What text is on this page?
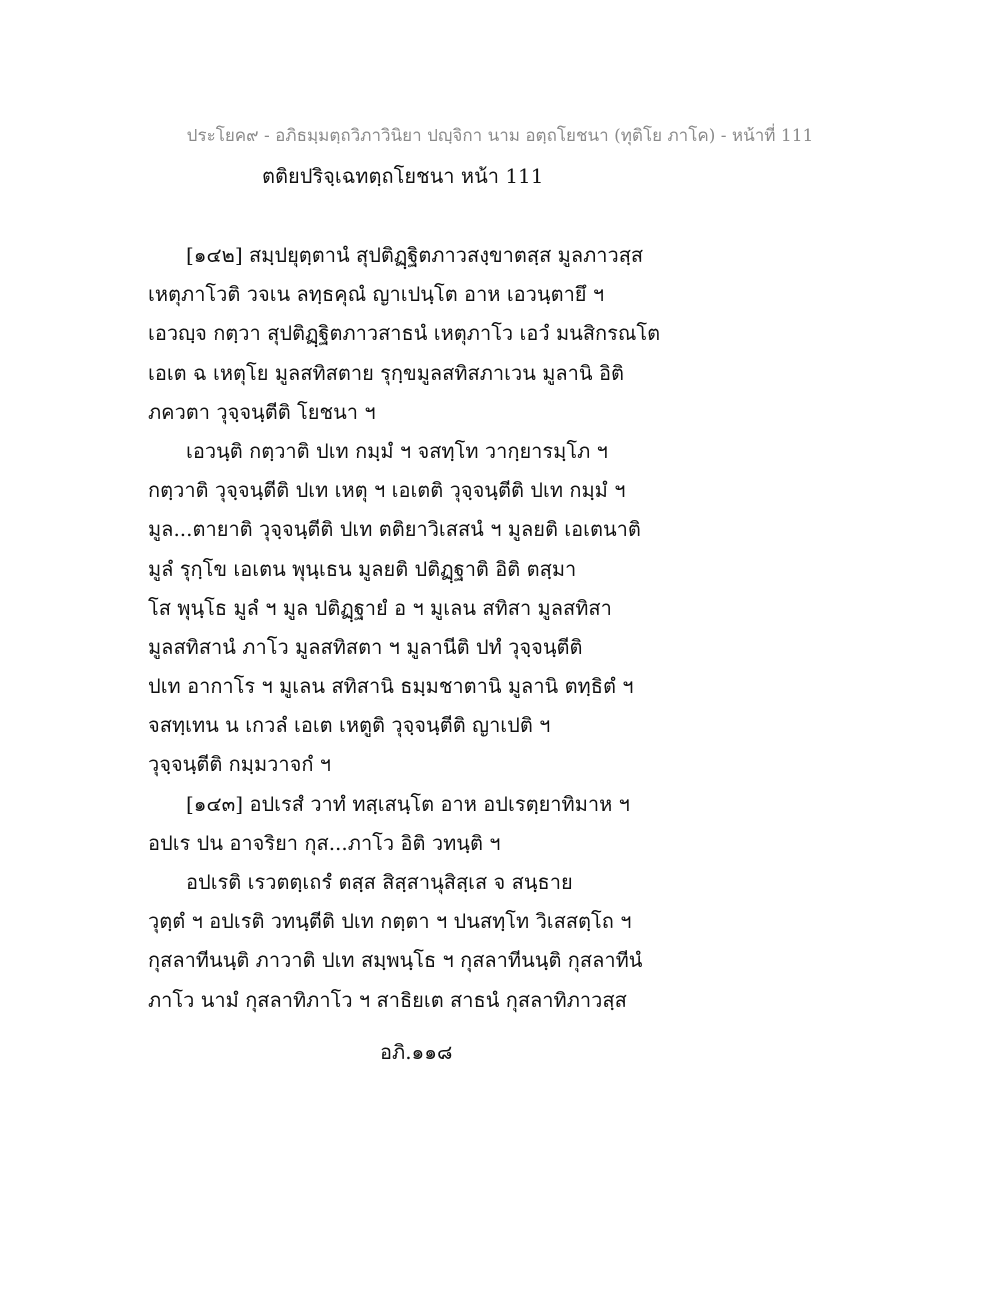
ประโยค๙ - อภิธมฺมตฺถวิภาวินิยา ปญฺจิกา นาม อตฺถโยชนา (ทุติโย ภาโค) - หน้าที่ 111
ตติยปริจฺเฉทตฺถโยชนา หน้า 111
[๑๔๒] สมฺปยุตฺตานํ สุปติฏฺฐิตภาวสงฺขาตสฺส มูลภาวสฺส
เหตุภาโวติ วจเน ลทฺธคุณํ ญาเปนฺโต อาห เอวนฺตายึ ฯ
เอวญฺจ กตฺวา สุปติฏฺฐิตภาวสาธนํ เหตุภาโว เอวํ มนสิกรณโต
เอเต ฉ เหตุโย มูลสทิสตาย รุกฺขมูลสทิสภาเวน มูลานิ อิติ
ภควตา วุจฺจนฺตีติ โยชนา ฯ
เอวนฺติ กตฺวาติ ปเท กมฺมํ ฯ จสทฺโท วากฺยารมฺโภ ฯ
กตฺวาติ วุจฺจนฺตีติ ปเท เหตุ ฯ เอเตติ วุจฺจนฺตีติ ปเท กมฺมํ ฯ
มูล...ตายาติ วุจฺจนฺตีติ ปเท ตติยาวิเสสนํ ฯ มูลยติ เอเตนาติ
มูลํ รุกฺโข เอเตน พุนฺเธน มูลยติ ปติฏฺฐาติ อิติ ตสฺมา
โส พุนฺโธ มูลํ ฯ มูล ปติฏฺฐายํ อ ฯ มูเลน สทิสา มูลสทิสา
มูลสทิสานํ ภาโว มูลสทิสตา ฯ มูลานีติ ปทํ วุจฺจนฺตีติ
ปเท อากาโร ฯ มูเลน สทิสานิ ธมฺมชาตานิ มูลานิ ตทฺธิตํ ฯ
จสทฺเทน น เกวลํ เอเต เหตูติ วุจฺจนฺตีติ ญาเปติ ฯ
วุจฺจนฺตีติ กมฺมวาจกํ ฯ
[๑๔๓] อปเรสํ วาทํ ทสฺเสนฺโต อาห อปเรตฺยาทิมาห ฯ
อปเร ปน อาจริยา กุส...ภาโว อิติ วทนฺติ ฯ
อปเรติ เรวตตฺเถรํ ตสฺส สิสฺสานุสิสฺเส จ สนฺธาย
วุตฺตํ ฯ อปเรติ วทนฺตีติ ปเท กตฺตา ฯ ปนสทฺโท วิเสสตฺโถ ฯ
กุสลาทีนนฺติ ภาวาติ ปเท สมฺพนฺโธ ฯ กุสลาทีนนฺติ กุสลาทีนํ
ภาโว นามํ กุสลาทิภาโว ฯ สาธิยเต สาธนํ กุสลาทิภาวสฺส
อภิ.๑๑๘
